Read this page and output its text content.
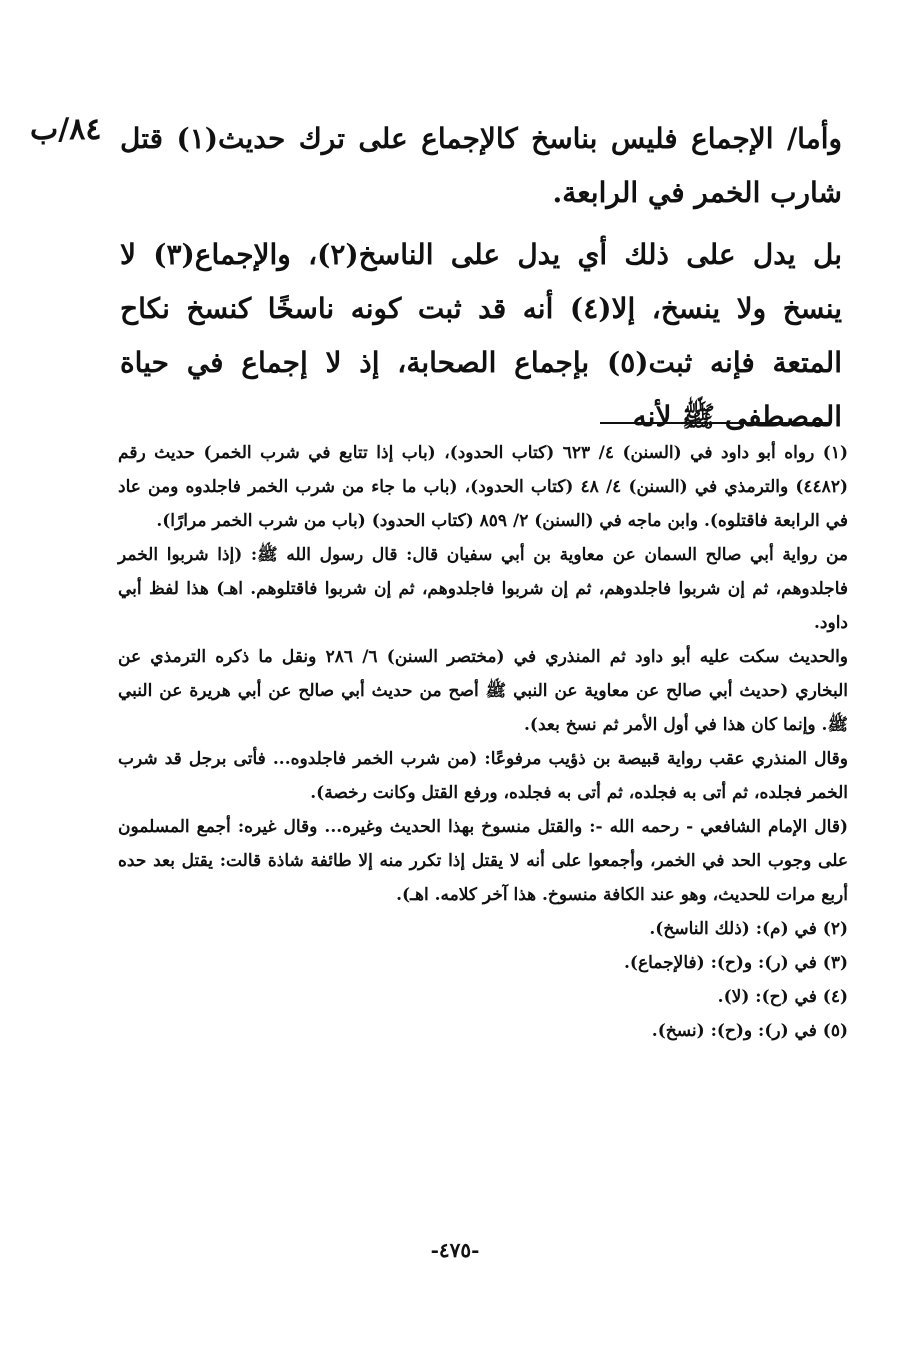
٨٤/ب وأما/ الإجماع فليس بناسخ كالإجماع على ترك حديث(١) قتل شارب الخمر في الرابعة.

بل يدل على ذلك أي يدل على الناسخ(٢)، والإجماع(٣) لا ينسخ ولا ينسخ، إلا(٤) أنه قد ثبت كونه ناسخًا كنسخ نكاح المتعة فإنه ثبت(٥) بإجماع الصحابة، إذ لا إجماع في حياة المصطفى ﷺ لأنه

(١) رواه أبو داود في (السنن) ٤/ ٦٢٣ (كتاب الحدود)، (باب إذا تتابع في شرب الخمر) حديث رقم (٤٤٨٢) والترمذي في (السنن) ٤/ ٤٨ (كتاب الحدود)، (باب ما جاء من شرب الخمر فاجلدوه ومن عاد في الرابعة فاقتلوه). وابن ماجه في (السنن) ٢/ ٨٥٩ (كتاب الحدود) (باب من شرب الخمر مرارًا).

من رواية أبي صالح السمان عن معاوية بن أبي سفيان قال: قال رسول الله ﷺ: (إذا شربوا الخمر فاجلدوهم، ثم إن شربوا فاجلدوهم، ثم إن شربوا فاجلدوهم، ثم إن شربوا فاقتلوهم. اهـ) هذا لفظ أبي داود.

والحديث سكت عليه أبو داود ثم المنذري في (مختصر السنن) ٦/ ٢٨٦ ونقل ما ذكره الترمذي عن البخاري (حديث أبي صالح عن معاوية عن النبي ﷺ أصح من حديث أبي صالح عن أبي هريرة عن النبي ﷺ. وإنما كان هذا في أول الأمر ثم نسخ بعد).

وقال المنذري عقب رواية قبيصة بن ذؤيب مرفوعًا: (من شرب الخمر فاجلدوه... فأتى برجل قد شرب الخمر فجلده، ثم أتى به فجلده، ثم أتى به فجلده، ورفع القتل وكانت رخصة).

(قال الإمام الشافعي - رحمه الله -: والقتل منسوخ بهذا الحديث وغيره... وقال غيره: أجمع المسلمون على وجوب الحد في الخمر، وأجمعوا على أنه لا يقتل إذا تكرر منه إلا طائفة شاذة قالت: يقتل بعد حده أربع مرات للحديث، وهو عند الكافة منسوخ. هذا آخر كلامه. اهـ).

(٢) في (م): (ذلك الناسخ).

(٣) في (ر): و(ح): (فالإجماع).

(٤) في (ح): (لا).

(٥) في (ر): و(ح): (نسخ).

-٤٧٥-
